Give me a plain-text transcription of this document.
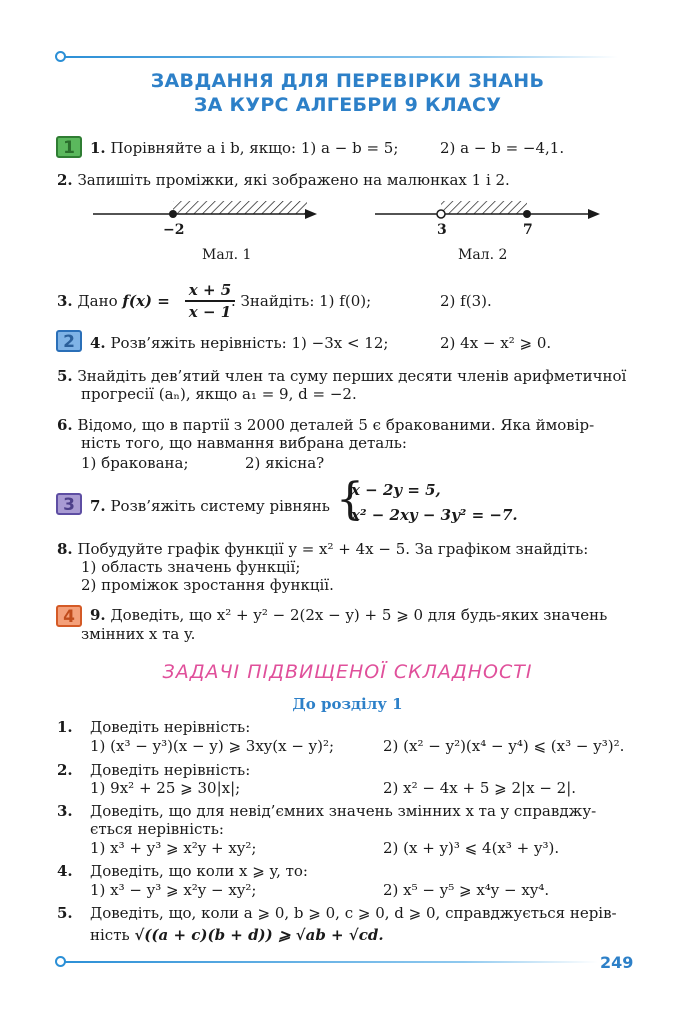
ЗАВДАННЯ ДЛЯ ПЕРЕВІРКИ ЗНАНЬ
ЗА КУРС АЛГЕБРИ 9 КЛАСУ
1
2
3
4
1. Порівняйте a і b, якщо: 1) a − b = 5;	2) a − b = −4,1.
2. Запишіть проміжки, які зображено на малюнках 1 і 2.
−2	3	7
Мал. 1	Мал. 2
3. Дано f(x) =
x + 5
x − 1
. Знайдіть: 1) f(0);	2) f(3).
4. Розв’яжіть нерівність: 1) −3x < 12;	2) 4x − x² ⩾ 0.
5. Знайдіть дев’ятий член та суму перших десяти членів арифметичної
прогресії (aₙ), якщо a₁ = 9, d = −2.
6. Відомо, що в партії з 2000 деталей 5 є бракованими. Яка ймовір-
ність того, що навмання вибрана деталь:
1) бракована;	2) якісна?
7. Розв’яжіть систему рівнянь {
x − 2y = 5,
x² − 2xy − 3y² = −7.
8. Побудуйте графік функції y = x² + 4x − 5. За графіком знайдіть:
1) область значень функції;
2) проміжок зростання функції.
9. Доведіть, що x² + y² − 2(2x − y) + 5 ⩾ 0 для будь-яких значень
змінних x та y.
ЗАДАЧІ ПІДВИЩЕНОЇ СКЛАДНОСТІ
До розділу 1
1. Доведіть нерівність:
1) (x³ − y³)(x − y) ⩾ 3xy(x − y)²;	2) (x² − y²)(x⁴ − y⁴) ⩽ (x³ − y³)².
2. Доведіть нерівність:
1) 9x² + 25 ⩾ 30|x|;	2) x² − 4x + 5 ⩾ 2|x − 2|.
3. Доведіть, що для невід’ємних значень змінних x та y справджу-
ється нерівність:
1) x³ + y³ ⩾ x²y + xy²;	2) (x + y)³ ⩽ 4(x³ + y³).
4. Доведіть, що коли x ⩾ y, то:
1) x³ − y³ ⩾ x²y − xy²;	2) x⁵ − y⁵ ⩾ x⁴y − xy⁴.
5. Доведіть, що, коли a ⩾ 0, b ⩾ 0, c ⩾ 0, d ⩾ 0, справджується нерів-
ність √((a + c)(b + d)) ⩾ √ab + √cd.
249
